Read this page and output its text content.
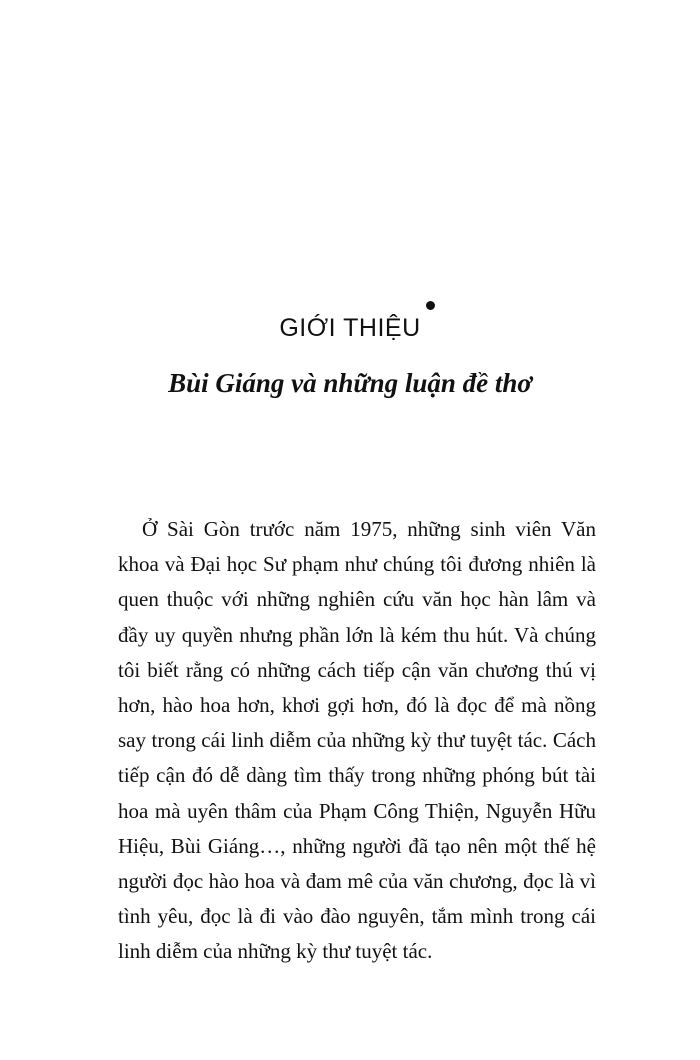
GIỚI THIỆU
Bùi Giáng và những luận đề thơ
Ở Sài Gòn trước năm 1975, những sinh viên Văn
khoa và Đại học Sư phạm như chúng tôi đương nhiên là
quen thuộc với những nghiên cứu văn học hàn lâm và
đầy uy quyền nhưng phần lớn là kém thu hút. Và chúng
tôi biết rằng có những cách tiếp cận văn chương thú vị
hơn, hào hoa hơn, khơi gợi hơn, đó là đọc để mà nồng
say trong cái linh diễm của những kỳ thư tuyệt tác. Cách
tiếp cận đó dễ dàng tìm thấy trong những phóng bút tài
hoa mà uyên thâm của Phạm Công Thiện, Nguyễn Hữu
Hiệu, Bùi Giáng…, những người đã tạo nên một thế hệ
người đọc hào hoa và đam mê của văn chương, đọc là vì
tình yêu, đọc là đi vào đào nguyên, tắm mình trong cái
linh diễm của những kỳ thư tuyệt tác.
